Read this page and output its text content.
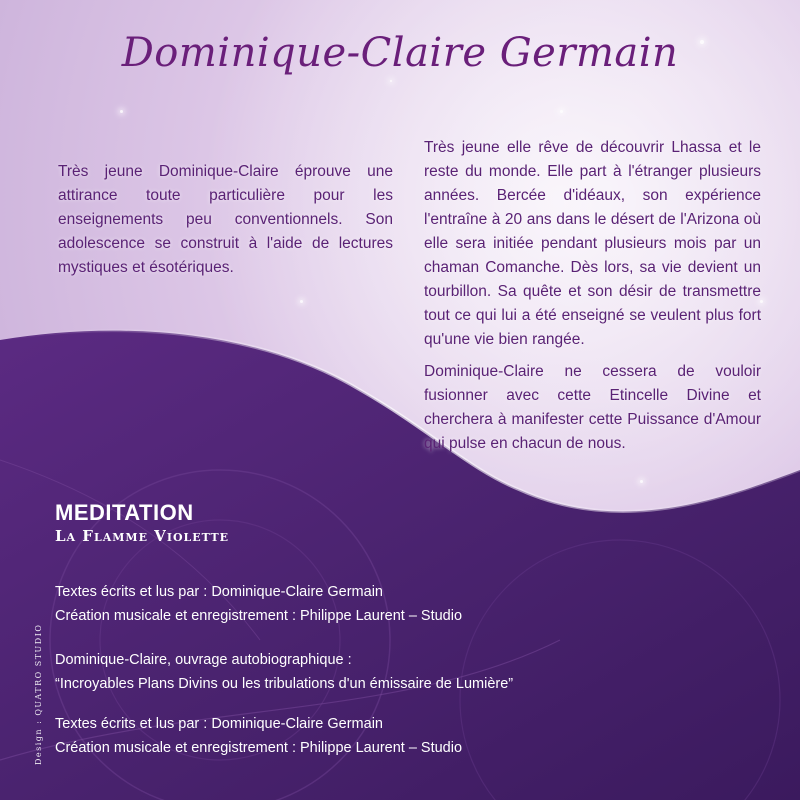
Dominique-Claire Germain

Très jeune Dominique-Claire éprouve une attirance toute particulière pour les enseignements peu conventionnels. Son adolescence se construit à l'aide de lectures mystiques et ésotériques.

Très jeune elle rêve de découvrir Lhassa et le reste du monde. Elle part à l'étranger plusieurs années. Bercée d'idéaux, son expérience l'entraîne à 20 ans dans le désert de l'Arizona où elle sera initiée pendant plusieurs mois par un chaman Comanche. Dès lors, sa vie devient un tourbillon. Sa quête et son désir de transmettre tout ce qui lui a été enseigné se veulent plus fort qu'une vie bien rangée.

Dominique-Claire ne cessera de vouloir fusionner avec cette Etincelle Divine et cherchera à manifester cette Puissance d'Amour qui pulse en chacun de nous.

MEDITATION
La Flamme Violette
Textes écrits et lus par : Dominique-Claire Germain
Création musicale et enregistrement : Philippe Laurent – Studio
Dominique-Claire, ouvrage autobiographique :
“Incroyables Plans Divins ou les tribulations d'un émissaire de Lumière”
Textes écrits et lus par : Dominique-Claire Germain
Création musicale et enregistrement : Philippe Laurent – Studio
Design : QUATRO STUDIO
